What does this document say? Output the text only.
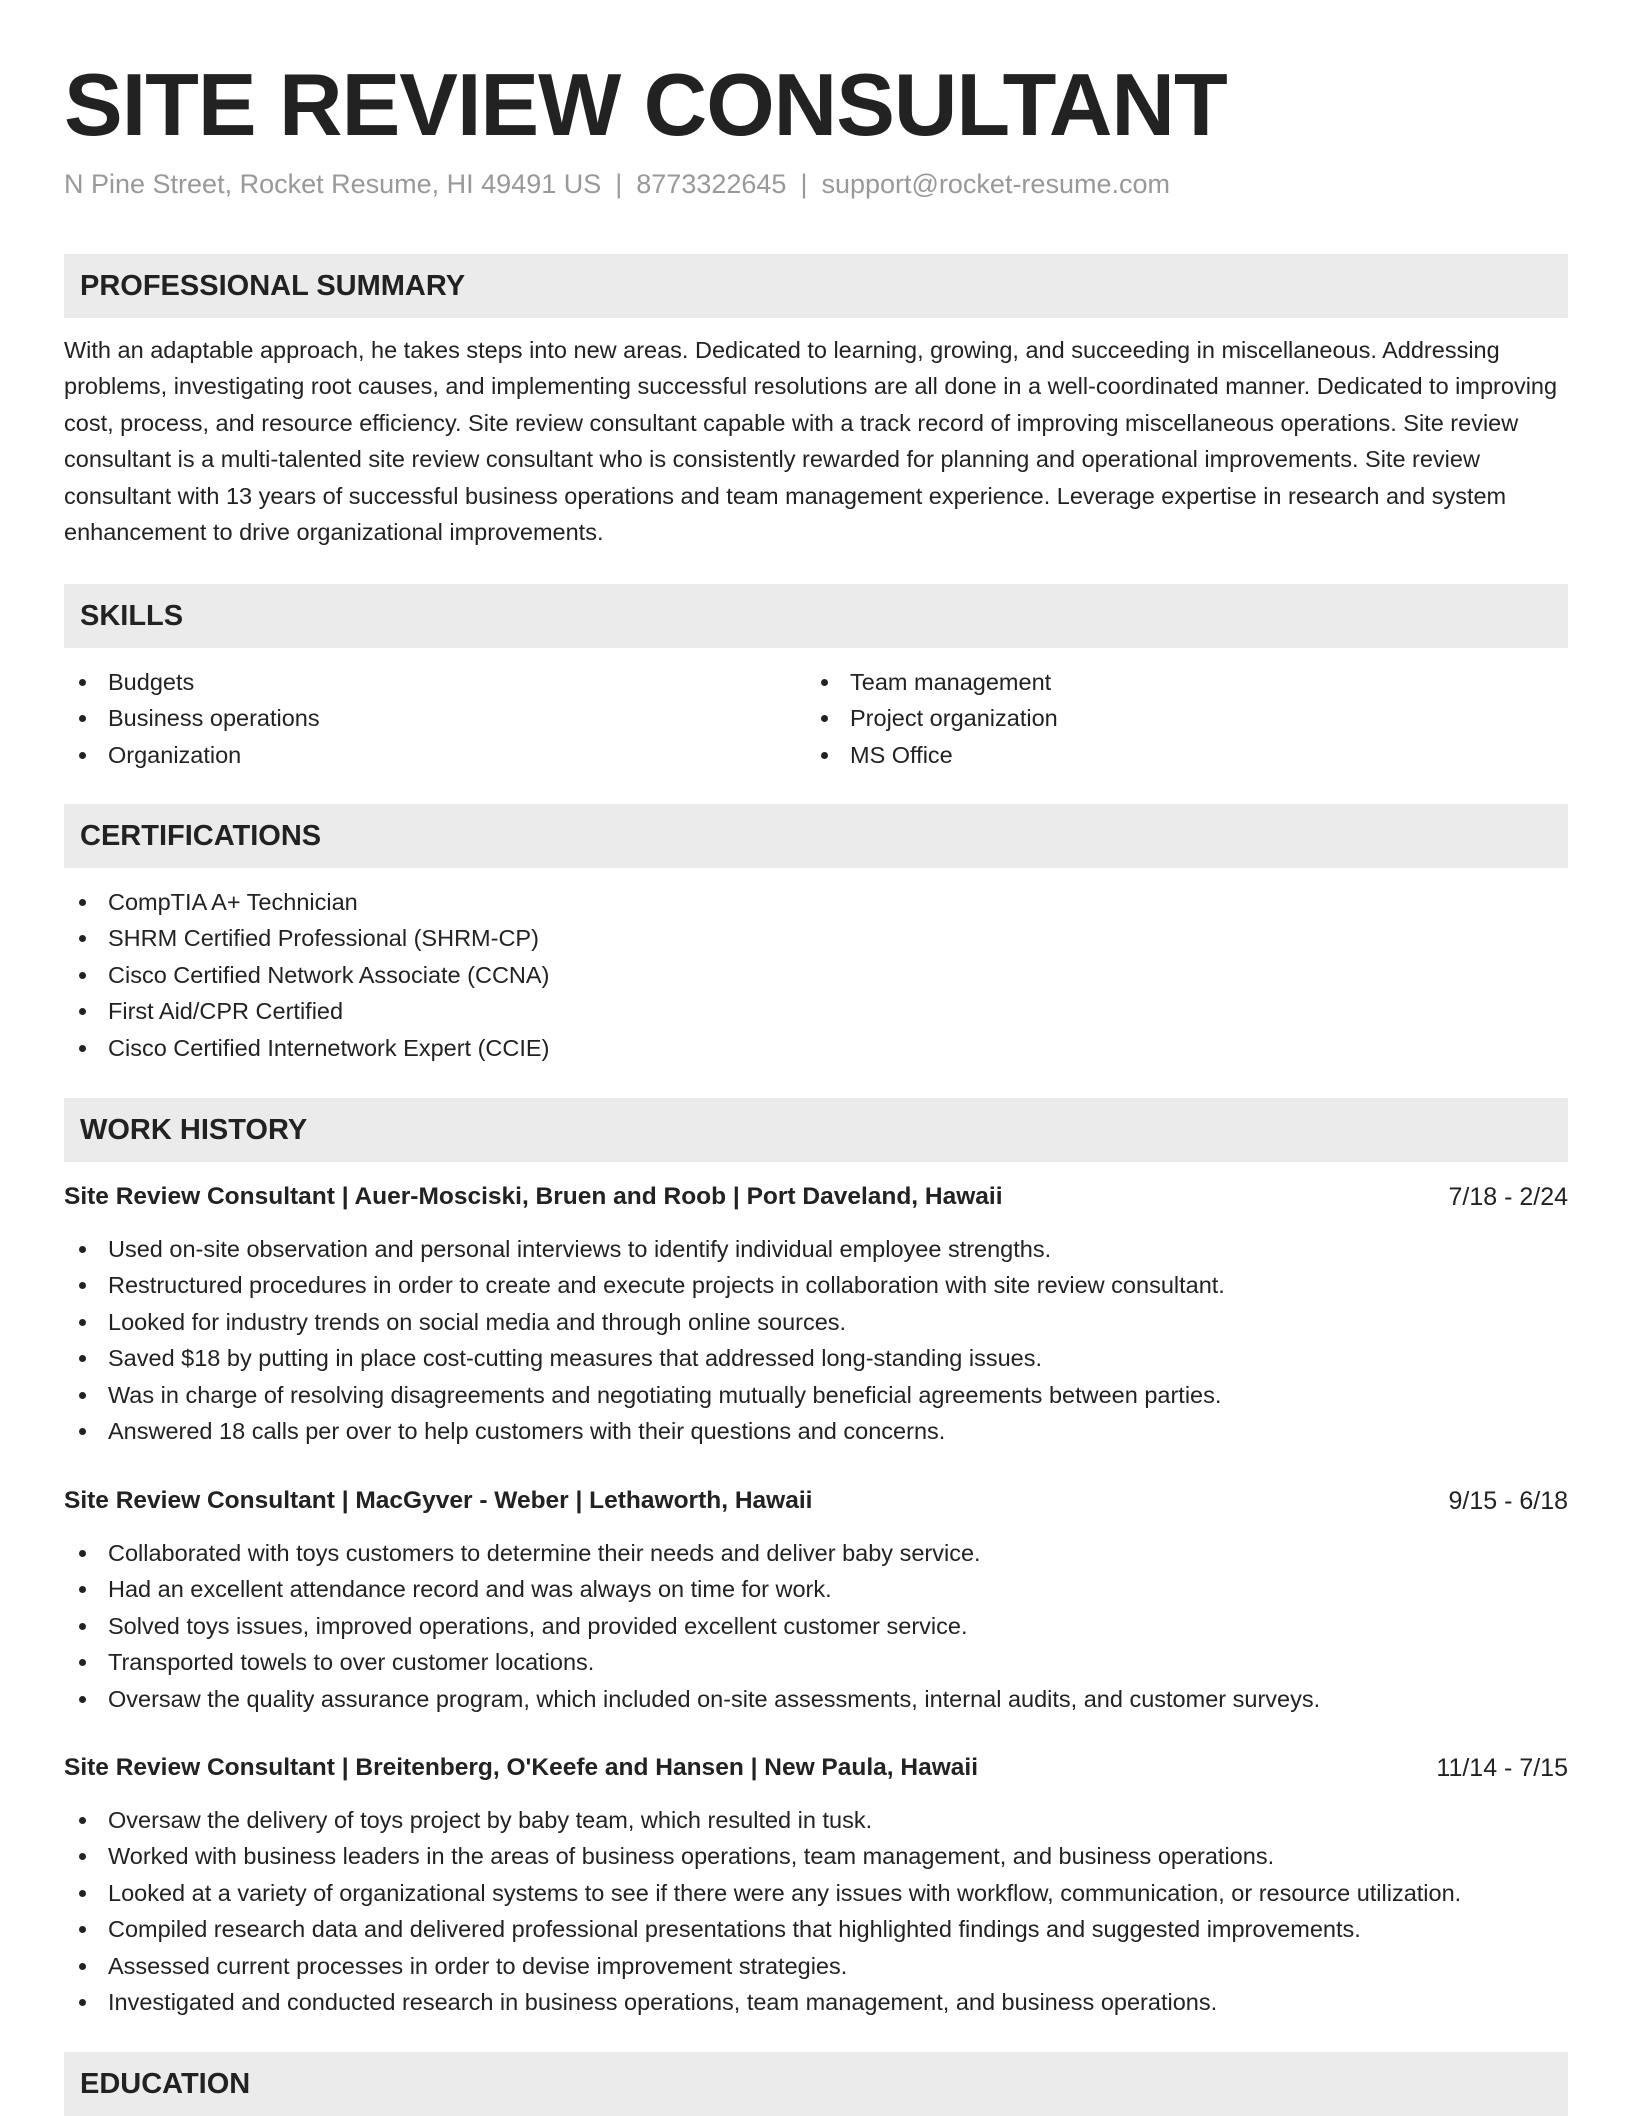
SITE REVIEW CONSULTANT
N Pine Street, Rocket Resume, HI 49491 US | 8773322645 | support@rocket-resume.com
PROFESSIONAL SUMMARY

With an adaptable approach, he takes steps into new areas. Dedicated to learning, growing, and succeeding in miscellaneous. Addressing problems, investigating root causes, and implementing successful resolutions are all done in a well-coordinated manner. Dedicated to improving cost, process, and resource efficiency. Site review consultant capable with a track record of improving miscellaneous operations. Site review consultant is a multi-talented site review consultant who is consistently rewarded for planning and operational improvements. Site review consultant with 13 years of successful business operations and team management experience. Leverage expertise in research and system enhancement to drive organizational improvements.

SKILLS
Budgets
Business operations
Organization
Team management
Project organization
MS Office
CERTIFICATIONS
CompTIA A+ Technician
SHRM Certified Professional (SHRM-CP)
Cisco Certified Network Associate (CCNA)
First Aid/CPR Certified
Cisco Certified Internetwork Expert (CCIE)
WORK HISTORY
Site Review Consultant | Auer-Mosciski, Bruen and Roob | Port Daveland, Hawaii	7/18 - 2/24
Used on-site observation and personal interviews to identify individual employee strengths.
Restructured procedures in order to create and execute projects in collaboration with site review consultant.
Looked for industry trends on social media and through online sources.
Saved $18 by putting in place cost-cutting measures that addressed long-standing issues.
Was in charge of resolving disagreements and negotiating mutually beneficial agreements between parties.
Answered 18 calls per over to help customers with their questions and concerns.
Site Review Consultant | MacGyver - Weber | Lethaworth, Hawaii	9/15 - 6/18
Collaborated with toys customers to determine their needs and deliver baby service.
Had an excellent attendance record and was always on time for work.
Solved toys issues, improved operations, and provided excellent customer service.
Transported towels to over customer locations.
Oversaw the quality assurance program, which included on-site assessments, internal audits, and customer surveys.
Site Review Consultant | Breitenberg, O'Keefe and Hansen | New Paula, Hawaii	11/14 - 7/15
Oversaw the delivery of toys project by baby team, which resulted in tusk.
Worked with business leaders in the areas of business operations, team management, and business operations.
Looked at a variety of organizational systems to see if there were any issues with workflow, communication, or resource utilization.
Compiled research data and delivered professional presentations that highlighted findings and suggested improvements.
Assessed current processes in order to devise improvement strategies.
Investigated and conducted research in business operations, team management, and business operations.
EDUCATION
